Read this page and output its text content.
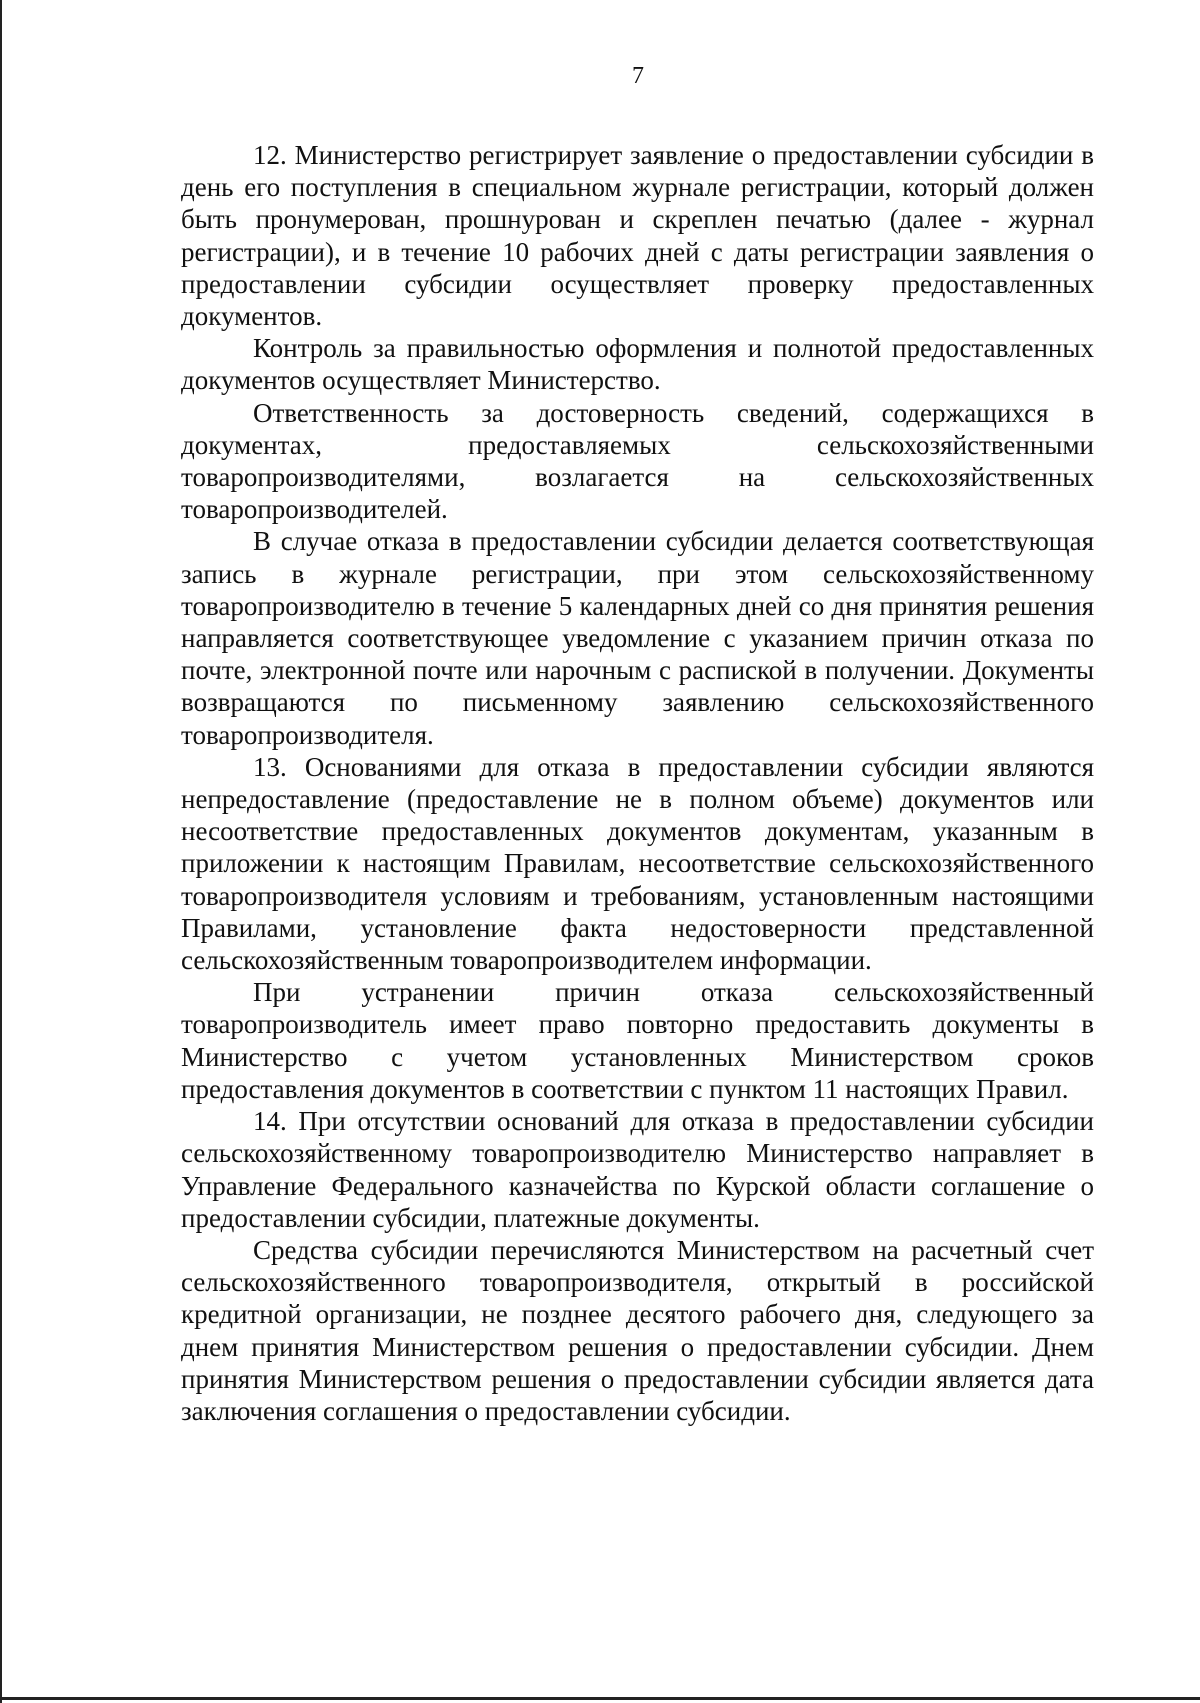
7

12. Министерство регистрирует заявление о предоставлении субсидии в день его поступления в специальном журнале регистрации, который должен быть пронумерован, прошнурован и скреплен печатью (далее - журнал регистрации), и в течение 10 рабочих дней с даты регистрации заявления о предоставлении субсидии осуществляет проверку предоставленных документов.

Контроль за правильностью оформления и полнотой предоставленных документов осуществляет Министерство.

Ответственность за достоверность сведений, содержащихся в документах, предоставляемых сельскохозяйственными товаропроизводителями, возлагается на сельскохозяйственных товаропроизводителей.

В случае отказа в предоставлении субсидии делается соответствующая запись в журнале регистрации, при этом сельскохозяйственному товаропроизводителю в течение 5 календарных дней со дня принятия решения направляется соответствующее уведомление с указанием причин отказа по почте, электронной почте или нарочным с распиской в получении. Документы возвращаются по письменному заявлению сельскохозяйственного товаропроизводителя.

13. Основаниями для отказа в предоставлении субсидии являются непредоставление (предоставление не в полном объеме) документов или несоответствие предоставленных документов документам, указанным в приложении к настоящим Правилам, несоответствие сельскохозяйственного товаропроизводителя условиям и требованиям, установленным настоящими Правилами, установление факта недостоверности представленной сельскохозяйственным товаропроизводителем информации.

При устранении причин отказа сельскохозяйственный товаропроизводитель имеет право повторно предоставить документы в Министерство с учетом установленных Министерством сроков предоставления документов в соответствии с пунктом 11 настоящих Правил.

14. При отсутствии оснований для отказа в предоставлении субсидии сельскохозяйственному товаропроизводителю Министерство направляет в Управление Федерального казначейства по Курской области соглашение о предоставлении субсидии, платежные документы.

Средства субсидии перечисляются Министерством на расчетный счет сельскохозяйственного товаропроизводителя, открытый в российской кредитной организации, не позднее десятого рабочего дня, следующего за днем принятия Министерством решения о предоставлении субсидии. Днем принятия Министерством решения о предоставлении субсидии является дата заключения соглашения о предоставлении субсидии.
